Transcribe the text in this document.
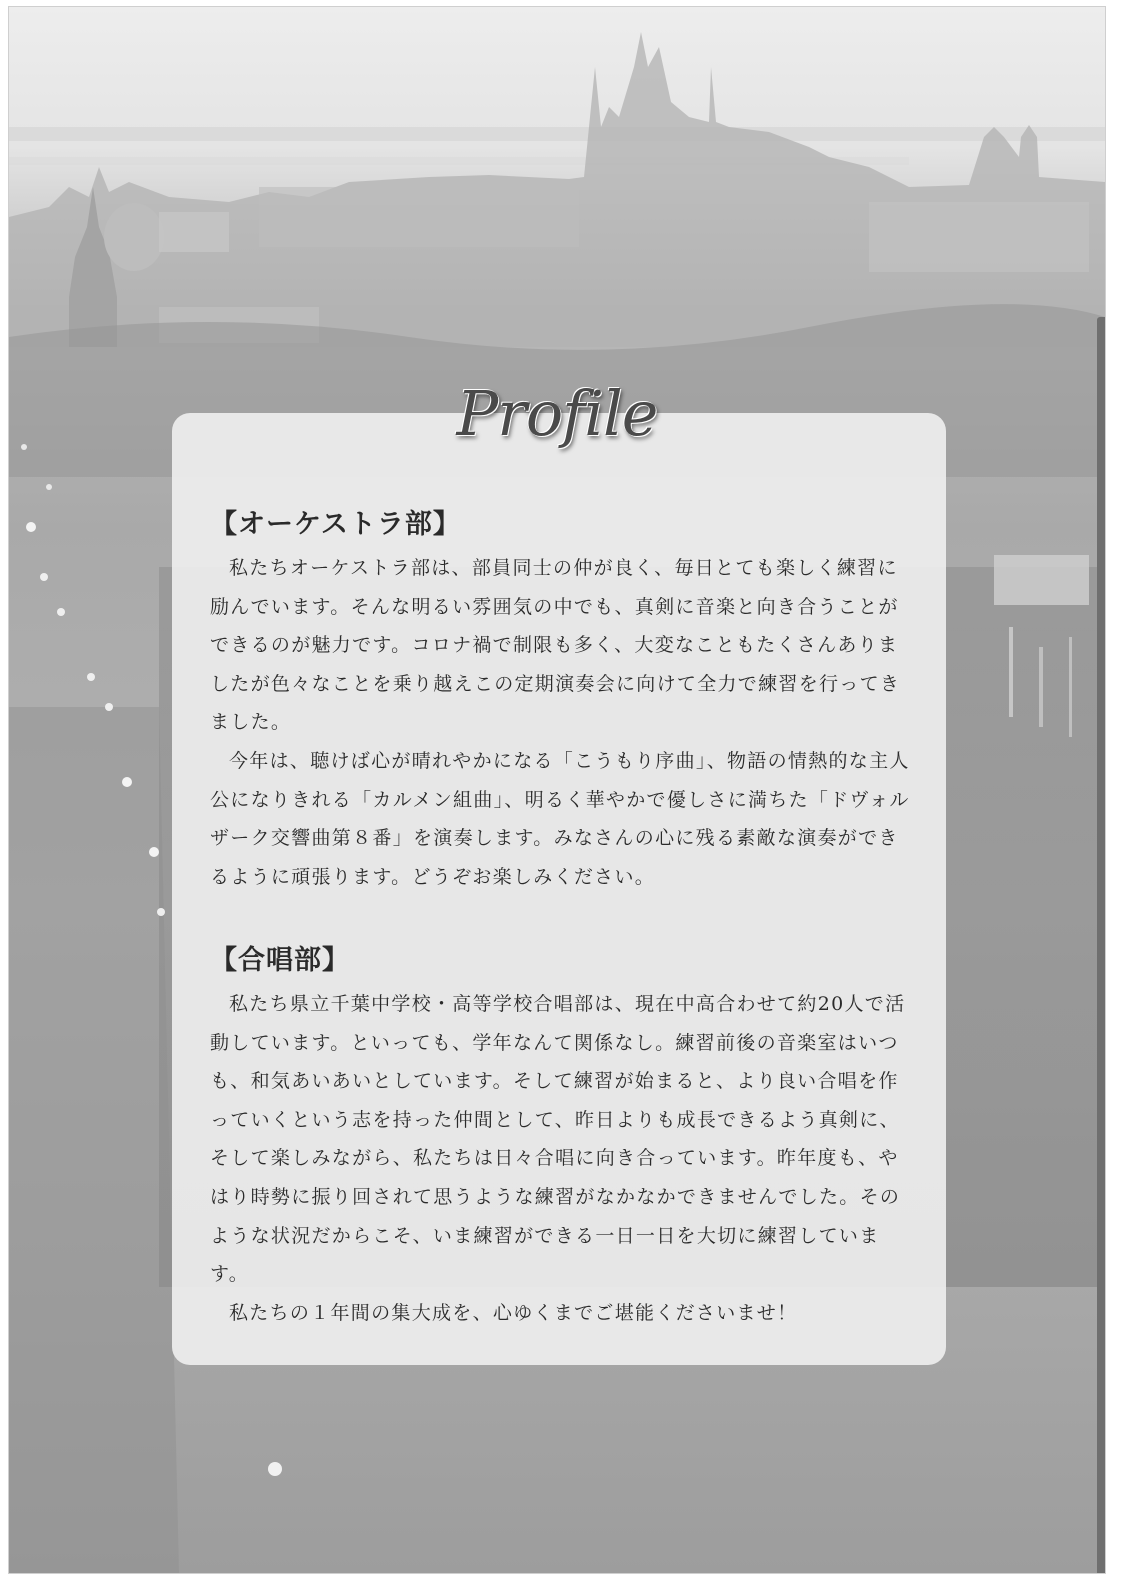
Profile
【オーケストラ部】

私たちオーケストラ部は、部員同士の仲が良く、毎日とても楽しく練習に励んでいます。そんな明るい雰囲気の中でも、真剣に音楽と向き合うことができるのが魅力です。コロナ禍で制限も多く、大変なこともたくさんありましたが色々なことを乗り越えこの定期演奏会に向けて全力で練習を行ってきました。

今年は、聴けば心が晴れやかになる「こうもり序曲」、物語の情熱的な主人公になりきれる「カルメン組曲」、明るく華やかで優しさに満ちた「ドヴォルザーク交響曲第８番」を演奏します。みなさんの心に残る素敵な演奏ができるように頑張ります。どうぞお楽しみください。

【合唱部】

私たち県立千葉中学校・高等学校合唱部は、現在中高合わせて約20人で活動しています。といっても、学年なんて関係なし。練習前後の音楽室はいつも、和気あいあいとしています。そして練習が始まると、より良い合唱を作っていくという志を持った仲間として、昨日よりも成長できるよう真剣に、そして楽しみながら、私たちは日々合唱に向き合っています。昨年度も、やはり時勢に振り回されて思うような練習がなかなかできませんでした。そのような状況だからこそ、いま練習ができる一日一日を大切に練習しています。

私たちの１年間の集大成を、心ゆくまでご堪能くださいませ！
